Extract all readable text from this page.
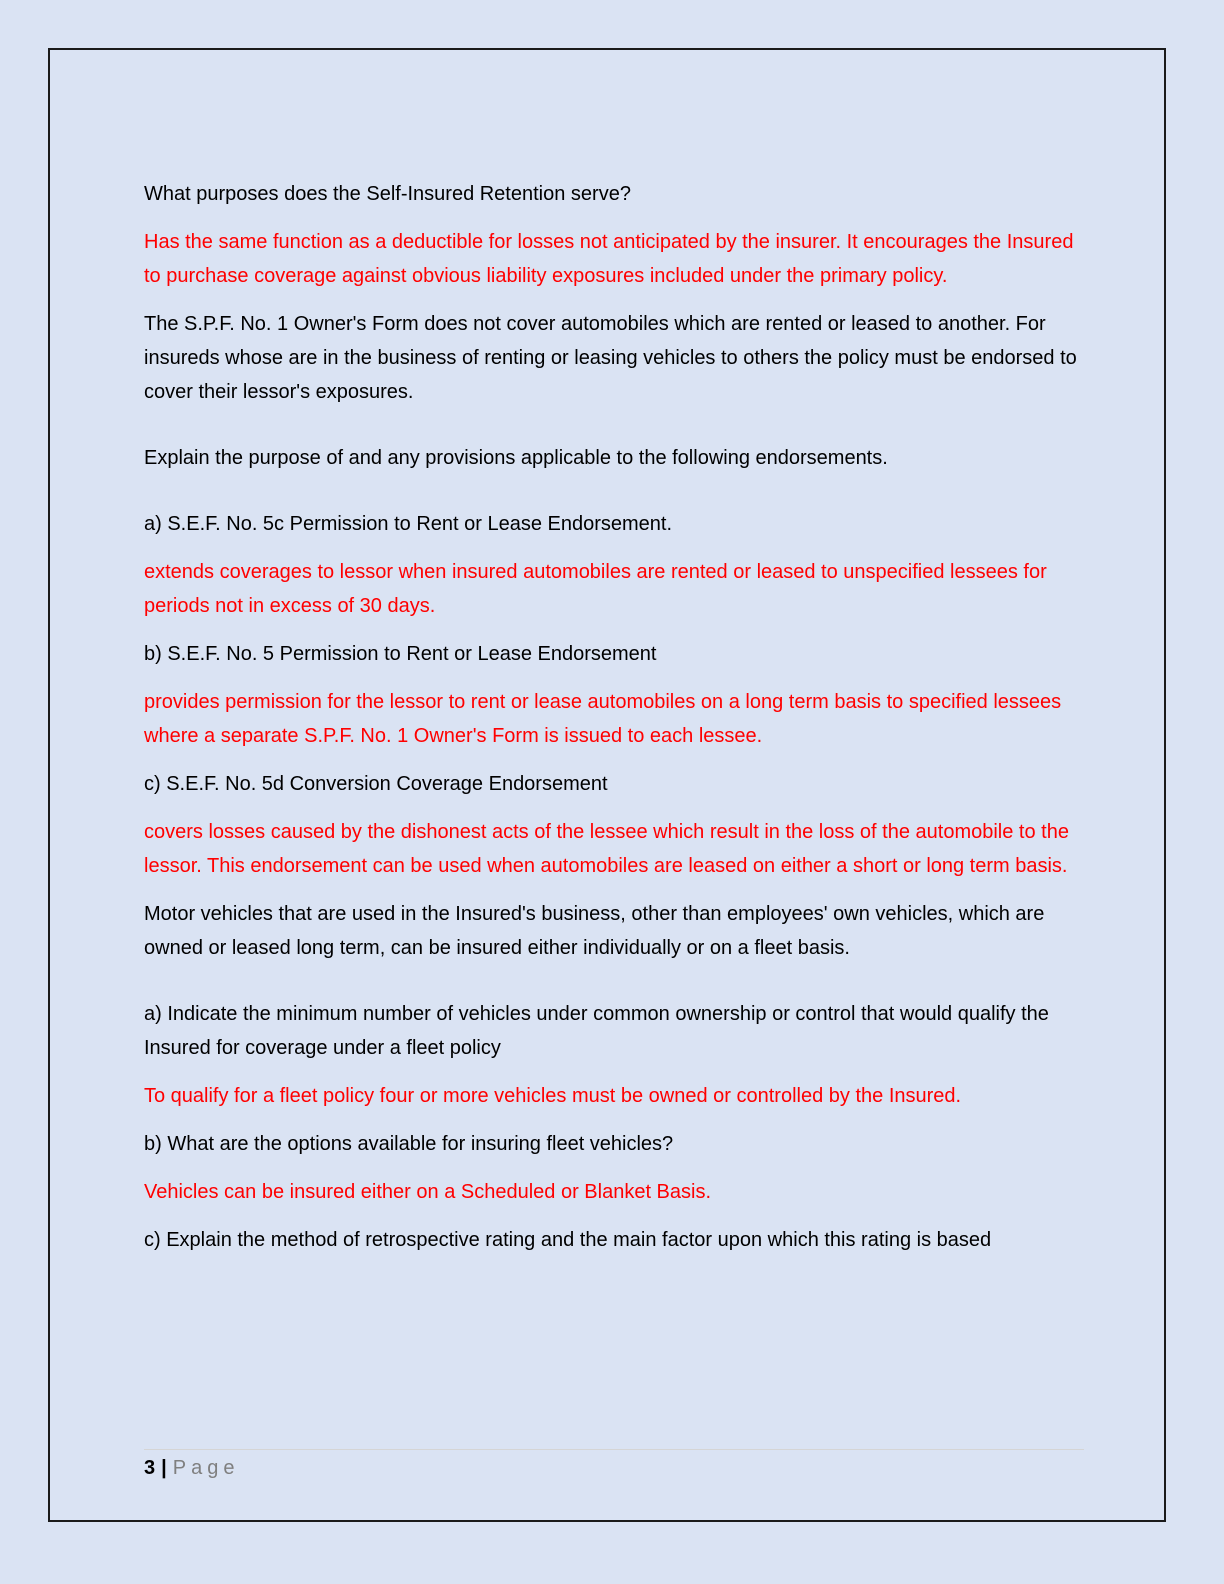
What purposes does the Self-Insured Retention serve?

Has the same function as a deductible for losses not anticipated by the insurer. It encourages the Insured to purchase coverage against obvious liability exposures included under the primary policy.

The S.P.F. No. 1 Owner's Form does not cover automobiles which are rented or leased to another. For insureds whose are in the business of renting or leasing vehicles to others the policy must be endorsed to cover their lessor's exposures.

Explain the purpose of and any provisions applicable to the following endorsements.

a) S.E.F. No. 5c Permission to Rent or Lease Endorsement.

extends coverages to lessor when insured automobiles are rented or leased to unspecified lessees for periods not in excess of 30 days.

b) S.E.F. No. 5 Permission to Rent or Lease Endorsement

provides permission for the lessor to rent or lease automobiles on a long term basis to specified lessees where a separate S.P.F. No. 1 Owner's Form is issued to each lessee.

c) S.E.F. No. 5d Conversion Coverage Endorsement

covers losses caused by the dishonest acts of the lessee which result in the loss of the automobile to the lessor. This endorsement can be used when automobiles are leased on either a short or long term basis.

Motor vehicles that are used in the Insured's business, other than employees' own vehicles, which are owned or leased long term, can be insured either individually or on a fleet basis.

a) Indicate the minimum number of vehicles under common ownership or control that would qualify the Insured for coverage under a fleet policy

To qualify for a fleet policy four or more vehicles must be owned or controlled by the Insured.

b) What are the options available for insuring fleet vehicles?

Vehicles can be insured either on a Scheduled or Blanket Basis.

c) Explain the method of retrospective rating and the main factor upon which this rating is based

3 | Page
